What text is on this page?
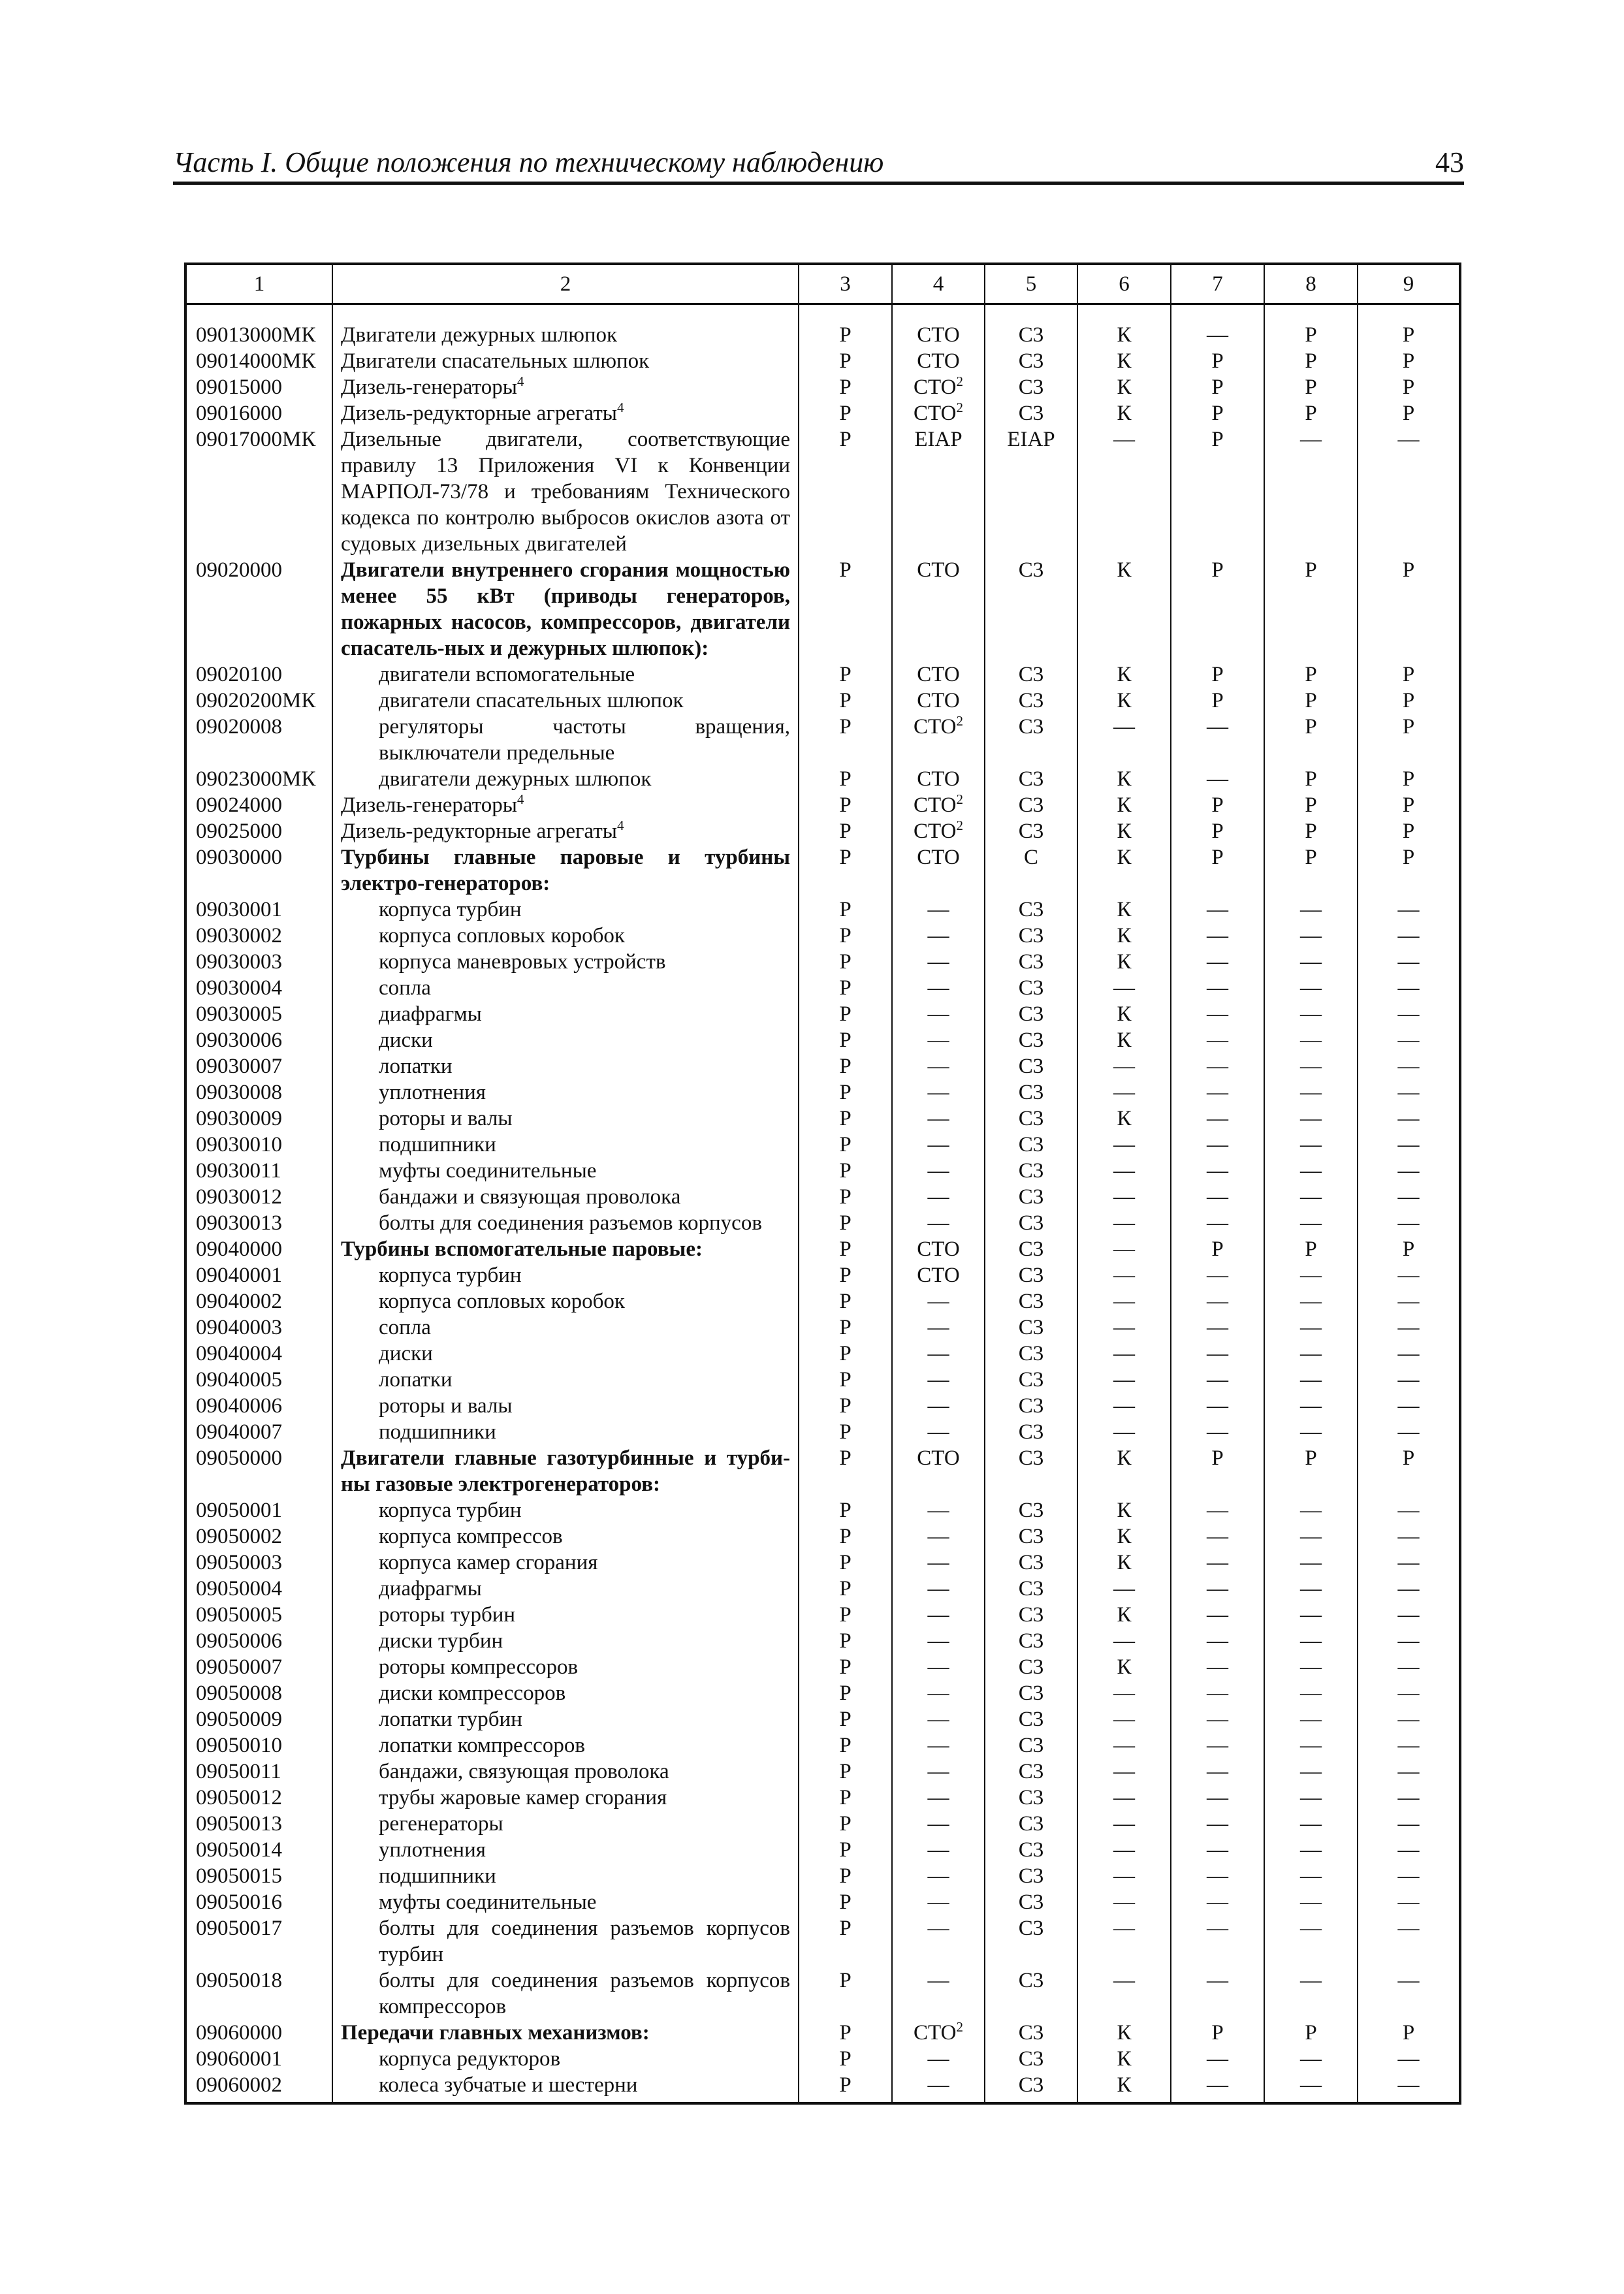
Часть I. Общие положения по техническому наблюдению	43
1	2	3	4	5	6	7	8	9
09013000МК	Двигатели дежурных шлюпок	Р	СТО	С3	К	—	Р	Р
09014000МК	Двигатели спасательных шлюпок	Р	СТО	С3	К	Р	Р	Р
09015000	Дизель-генераторы$^4$	Р	СТО$^2$	С3	К	Р	Р	Р
09016000	Дизель-редукторные агрегаты$^4$	Р	СТО$^2$	С3	К	Р	Р	Р
09017000МК	Дизельные двигатели, соответствующие правилу 13 Приложения VI к Конвенции МАРПОЛ-73/78 и требованиям Технического кодекса по контролю выбросов окислов азота от судовых дизельных двигателей	Р	EIAP	EIAP	—	Р	—	—
09020000	Двигатели внутреннего сгорания мощностью менее 55 кВт (приводы генераторов, пожарных насосов, компрессоров, двигатели спасатель-ных и дежурных шлюпок):	Р	СТО	С3	К	Р	Р	Р
09020100	двигатели вспомогательные	Р	СТО	С3	К	Р	Р	Р
09020200МК	двигатели спасательных шлюпок	Р	СТО	С3	К	Р	Р	Р
09020008	регуляторы частоты вращения, выключатели предельные	Р	СТО$^2$	С3	—	—	Р	Р
09023000МК	двигатели дежурных шлюпок	Р	СТО	С3	К	—	Р	Р
09024000	Дизель-генераторы$^4$	Р	СТО$^2$	С3	К	Р	Р	Р
09025000	Дизель-редукторные агрегаты$^4$	Р	СТО$^2$	С3	К	Р	Р	Р
09030000	Турбины главные паровые и турбины электро-генераторов:	Р	СТО	С	К	Р	Р	Р
09030001	корпуса турбин	Р	—	С3	К	—	—	—
09030002	корпуса сопловых коробок	Р	—	С3	К	—	—	—
09030003	корпуса маневровых устройств	Р	—	С3	К	—	—	—
09030004	сопла	Р	—	С3	—	—	—	—
09030005	диафрагмы	Р	—	С3	К	—	—	—
09030006	диски	Р	—	С3	К	—	—	—
09030007	лопатки	Р	—	С3	—	—	—	—
09030008	уплотнения	Р	—	С3	—	—	—	—
09030009	роторы и валы	Р	—	С3	К	—	—	—
09030010	подшипники	Р	—	С3	—	—	—	—
09030011	муфты соединительные	Р	—	С3	—	—	—	—
09030012	бандажи и связующая проволока	Р	—	С3	—	—	—	—
09030013	болты для соединения разъемов корпусов	Р	—	С3	—	—	—	—
09040000	Турбины вспомогательные паровые:	Р	СТО	С3	—	Р	Р	Р
09040001	корпуса турбин	Р	СТО	С3	—	—	—	—
09040002	корпуса сопловых коробок	Р	—	С3	—	—	—	—
09040003	сопла	Р	—	С3	—	—	—	—
09040004	диски	Р	—	С3	—	—	—	—
09040005	лопатки	Р	—	С3	—	—	—	—
09040006	роторы и валы	Р	—	С3	—	—	—	—
09040007	подшипники	Р	—	С3	—	—	—	—
09050000	Двигатели главные газотурбинные и турби-ны газовые электрогенераторов:	Р	СТО	С3	К	Р	Р	Р
09050001	корпуса турбин	Р	—	С3	К	—	—	—
09050002	корпуса компрессов	Р	—	С3	К	—	—	—
09050003	корпуса камер сгорания	Р	—	С3	К	—	—	—
09050004	диафрагмы	Р	—	С3	—	—	—	—
09050005	роторы турбин	Р	—	С3	К	—	—	—
09050006	диски турбин	Р	—	С3	—	—	—	—
09050007	роторы компрессоров	Р	—	С3	К	—	—	—
09050008	диски компрессоров	Р	—	С3	—	—	—	—
09050009	лопатки турбин	Р	—	С3	—	—	—	—
09050010	лопатки компрессоров	Р	—	С3	—	—	—	—
09050011	бандажи, связующая проволока	Р	—	С3	—	—	—	—
09050012	трубы жаровые камер сгорания	Р	—	С3	—	—	—	—
09050013	регенераторы	Р	—	С3	—	—	—	—
09050014	уплотнения	Р	—	С3	—	—	—	—
09050015	подшипники	Р	—	С3	—	—	—	—
09050016	муфты соединительные	Р	—	С3	—	—	—	—
09050017	болты для соединения разъемов корпусов турбин	Р	—	С3	—	—	—	—
09050018	болты для соединения разъемов корпусов компрессоров	Р	—	С3	—	—	—	—
09060000	Передачи главных механизмов:	Р	СТО$^2$	С3	К	Р	Р	Р
09060001	корпуса редукторов	Р	—	С3	К	—	—	—
09060002	колеса зубчатые и шестерни	Р	—	С3	К	—	—	—
